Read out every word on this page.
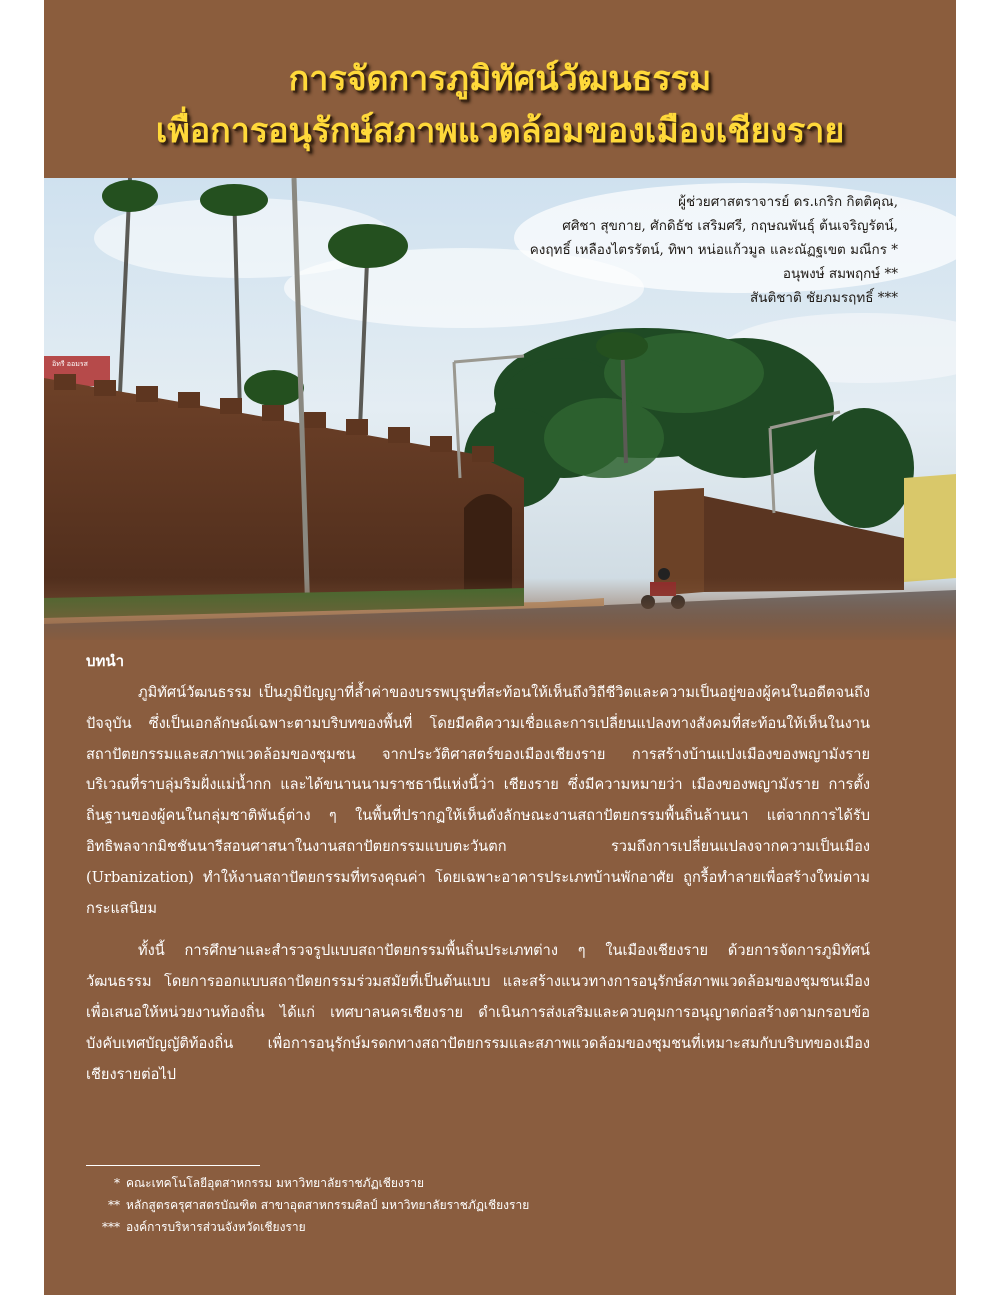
การจัดการภูมิทัศน์วัฒนธรรม
เพื่อการอนุรักษ์สภาพแวดล้อมของเมืองเชียงราย
อิทรี ออมรส
ผู้ช่วยศาสตราจารย์ ดร.เกริก กิตติคุณ,
ศศิชา สุขกาย, ศักดิธัช เสริมศรี, กฤษณพันธุ์ ต้นเจริญรัตน์,
คงฤทธิ์ เหลืองไตรรัตน์, ทิพา หน่อแก้วมูล และณัฏฐเขต มณีกร *
อนุพงษ์ สมพฤกษ์ **
สันติชาติ ชัยภมรฤทธิ์ ***
บทนำ

ภูมิทัศน์วัฒนธรรม เป็นภูมิปัญญาที่ล้ำค่าของบรรพบุรุษที่สะท้อนให้เห็นถึงวิถีชีวิตและความเป็นอยู่ของผู้คนในอดีตจนถึงปัจจุบัน ซึ่งเป็นเอกลักษณ์เฉพาะตามบริบทของพื้นที่ โดยมีคติความเชื่อและการเปลี่ยนแปลงทางสังคมที่สะท้อนให้เห็นในงานสถาปัตยกรรมและสภาพแวดล้อมของชุมชน จากประวัติศาสตร์ของเมืองเชียงราย การสร้างบ้านแปงเมืองของพญามังรายบริเวณที่ราบลุ่มริมฝั่งแม่น้ำกก และได้ขนานนามราชธานีแห่งนี้ว่า เชียงราย ซึ่งมีความหมายว่า เมืองของพญามังราย การตั้งถิ่นฐานของผู้คนในกลุ่มชาติพันธุ์ต่าง ๆ ในพื้นที่ปรากฏให้เห็นดังลักษณะงานสถาปัตยกรรมพื้นถิ่นล้านนา แต่จากการได้รับอิทธิพลจากมิชชันนารีสอนศาสนาในงานสถาปัตยกรรมแบบตะวันตก รวมถึงการเปลี่ยนแปลงจากความเป็นเมือง (Urbanization) ทำให้งานสถาปัตยกรรมที่ทรงคุณค่า โดยเฉพาะอาคารประเภทบ้านพักอาศัย ถูกรื้อทำลายเพื่อสร้างใหม่ตามกระแสนิยม

ทั้งนี้ การศึกษาและสำรวจรูปแบบสถาปัตยกรรมพื้นถิ่นประเภทต่าง ๆ ในเมืองเชียงราย ด้วยการจัดการภูมิทัศน์วัฒนธรรม โดยการออกแบบสถาปัตยกรรมร่วมสมัยที่เป็นต้นแบบ และสร้างแนวทางการอนุรักษ์สภาพแวดล้อมของชุมชนเมืองเพื่อเสนอให้หน่วยงานท้องถิ่น ได้แก่ เทศบาลนครเชียงราย ดำเนินการส่งเสริมและควบคุมการอนุญาตก่อสร้างตามกรอบข้อบังคับเทศบัญญัติท้องถิ่น เพื่อการอนุรักษ์มรดกทางสถาปัตยกรรมและสภาพแวดล้อมของชุมชนที่เหมาะสมกับบริบทของเมืองเชียงรายต่อไป

* คณะเทคโนโลยีอุตสาหกรรม มหาวิทยาลัยราชภัฏเชียงราย
** หลักสูตรครุศาสตรบัณฑิต สาขาอุตสาหกรรมศิลป์ มหาวิทยาลัยราชภัฏเชียงราย
*** องค์การบริหารส่วนจังหวัดเชียงราย
